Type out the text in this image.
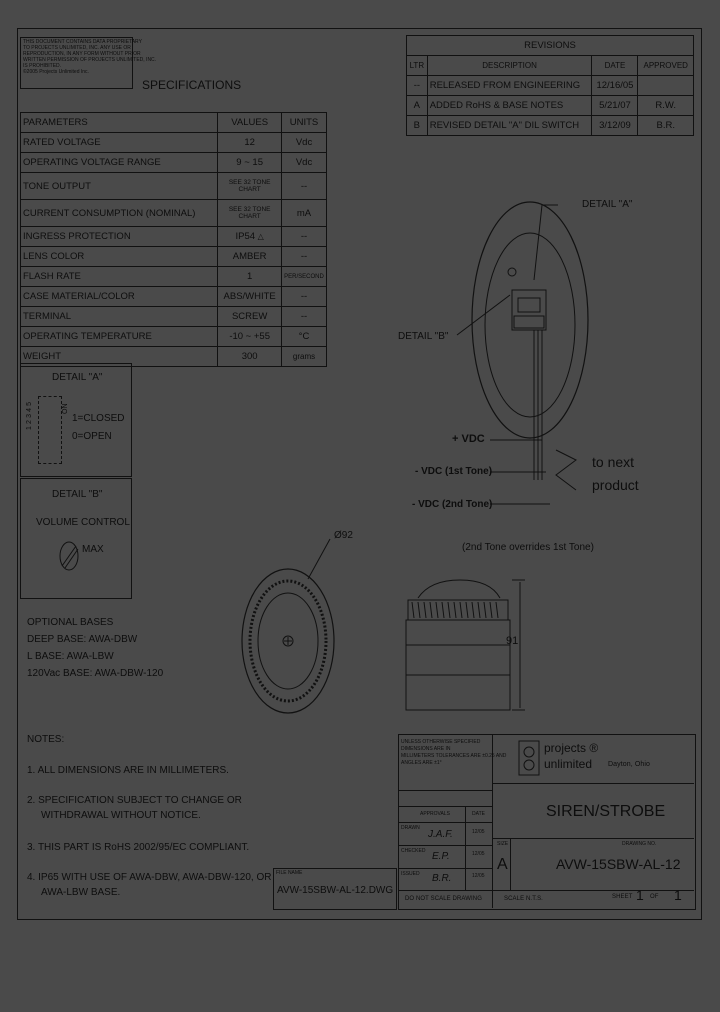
THIS DOCUMENT CONTAINS DATA PROPRIETARY
TO PROJECTS UNLIMITED, INC. ANY USE OR
REPRODUCTION, IN ANY FORM WITHOUT PRIOR
WRITTEN PERMISSION OF PROJECTS UNLIMITED, INC.
IS PROHIBITED.
©2005 Projects Unlimited Inc.
SPECIFICATIONS
PARAMETERS	VALUES	UNITS
RATED VOLTAGE	12	Vdc
OPERATING VOLTAGE RANGE	9 ~ 15	Vdc
TONE OUTPUT	SEE 32 TONE CHART	--
CURRENT CONSUMPTION (NOMINAL)	SEE 32 TONE CHART	mA
INGRESS PROTECTION	IP54 △	--
LENS COLOR	AMBER	--
FLASH RATE	1	PER/SECOND
CASE MATERIAL/COLOR	ABS/WHITE	--
TERMINAL	SCREW	--
OPERATING TEMPERATURE	-10 ~ +55	°C
WEIGHT	300	grams
REVISIONS			
LTR	DESCRIPTION	DATE	APPROVED
--	RELEASED FROM ENGINEERING	12/16/05	
A	ADDED RoHS & BASE NOTES	5/21/07	R.W.
B	REVISED DETAIL "A" DIL SWITCH	3/12/09	B.R.
DETAIL "A"
1 2 3 4 5	ON
1=CLOSED
0=OPEN
DETAIL "B"
VOLUME CONTROL
MAX
OPTIONAL BASES
DEEP BASE: AWA-DBW
L BASE: AWA-LBW
120Vac BASE: AWA-DBW-120
NOTES:
1. ALL DIMENSIONS ARE IN MILLIMETERS.
2. SPECIFICATION SUBJECT TO CHANGE OR
WITHDRAWAL WITHOUT NOTICE.
3. THIS PART IS RoHS 2002/95/EC COMPLIANT.
4. IP65 WITH USE OF AWA-DBW, AWA-DBW-120, OR
AWA-LBW BASE.
DETAIL "A"
DETAIL "B"
+ VDC
- VDC (1st Tone)
- VDC (2nd Tone)
to next
product
(2nd Tone overrides 1st Tone)
Ø92
91
UNLESS OTHERWISE SPECIFIED
DIMENSIONS ARE IN
MILLIMETERS TOLERANCES ARE ±0.25 AND
ANGLES ARE ±1°
APPROVALS	DATE
DRAWN
J.A.F.	12/05
CHECKED E.P.	12/05
ISSUED B.R.	12/05
DO NOT SCALE DRAWING
FILE NAME
AVW-15SBW-AL-12.DWG
projects ®
unlimited Dayton, Ohio
SIREN/STROBE
SIZE
A
DRAWING NO.
AVW-15SBW-AL-12
SCALE N.T.S.	SHEET 1 OF 1
